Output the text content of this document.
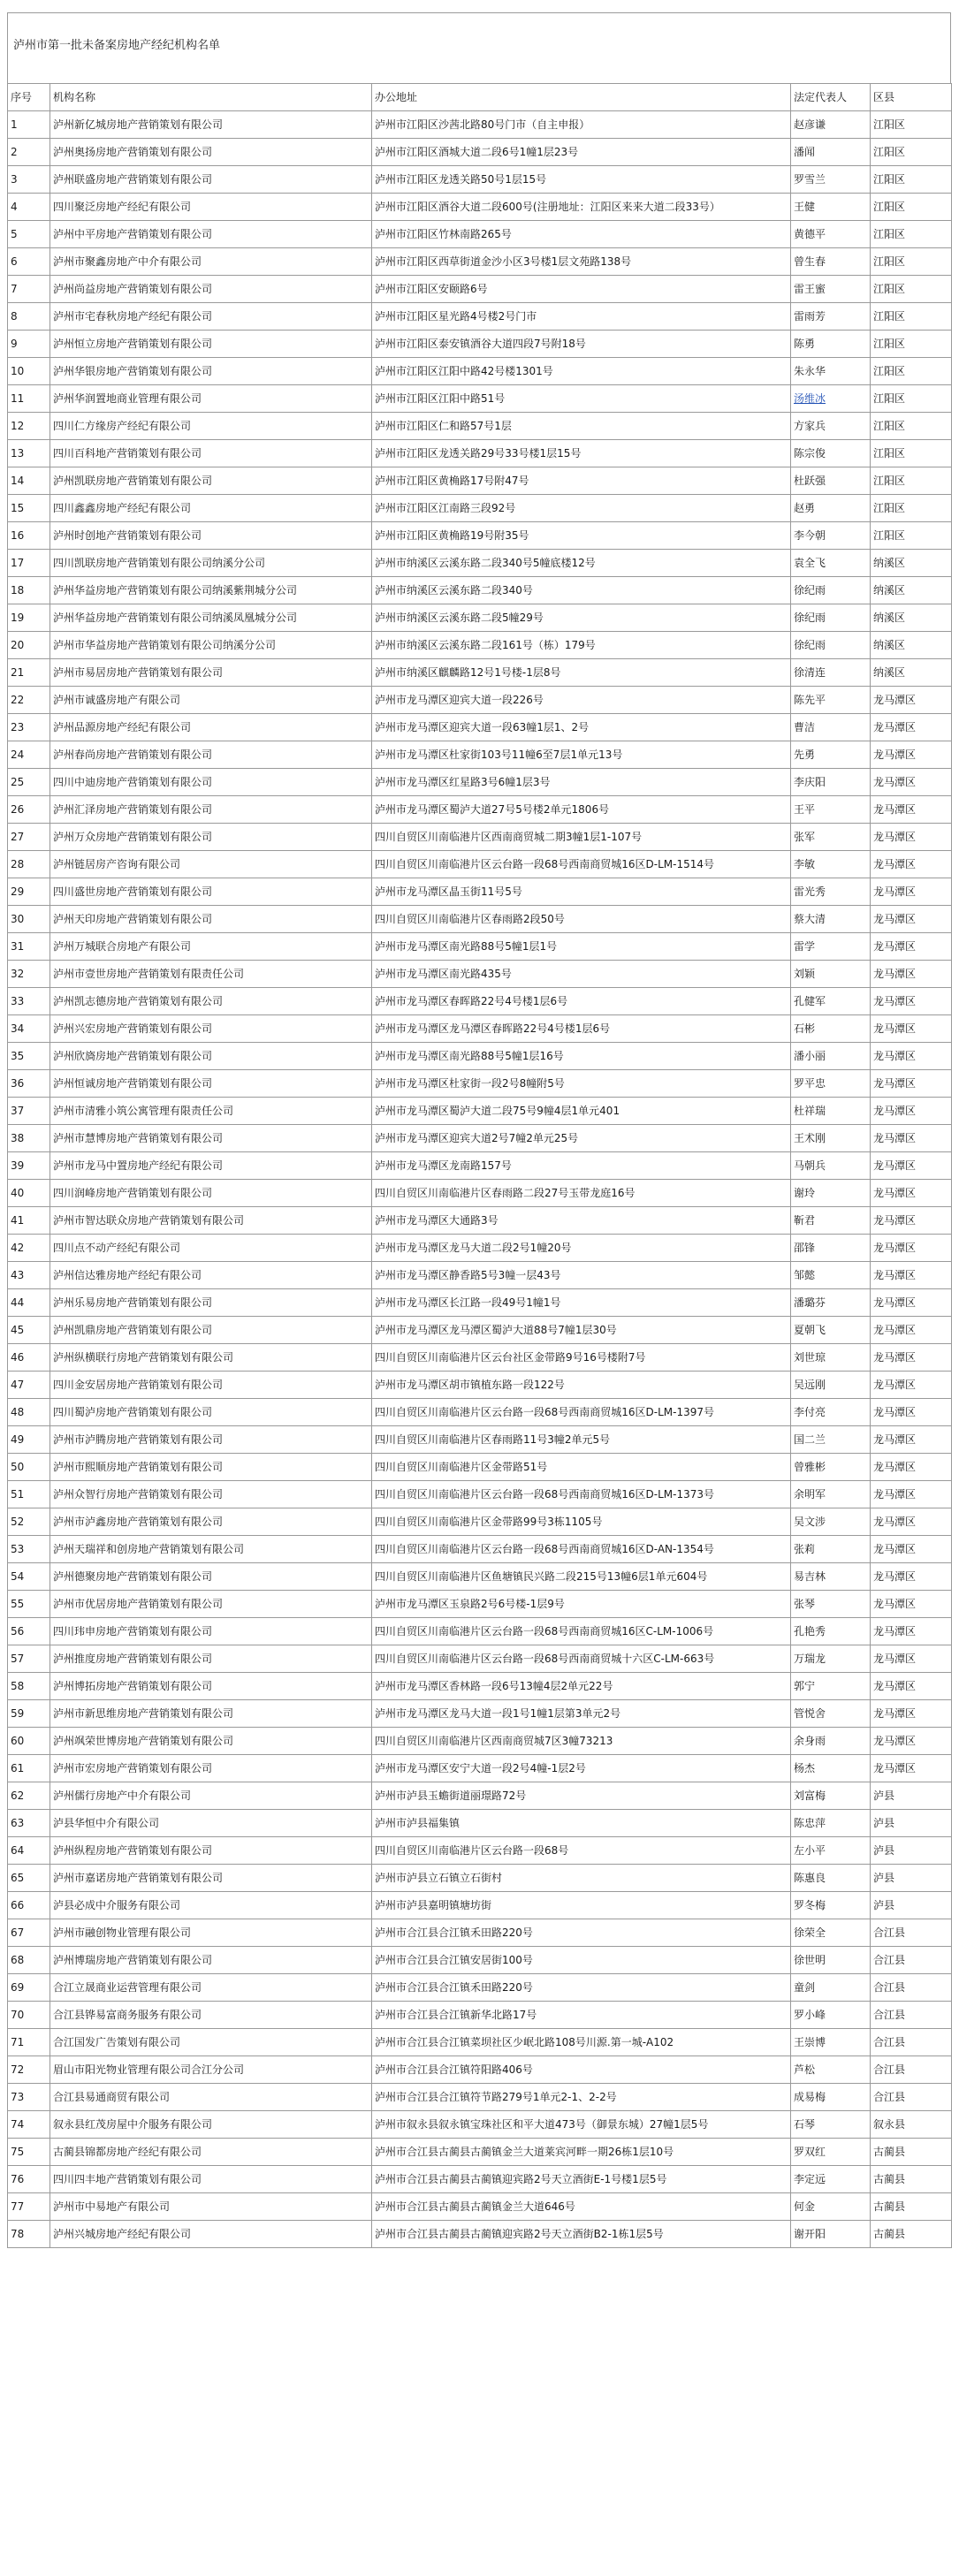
泸州市第一批未备案房地产经纪机构名单
序号	机构名称	办公地址	法定代表人	区县
1	泸州新亿城房地产营销策划有限公司	泸州市江阳区沙茜北路80号门市（自主申报）	赵彦谦	江阳区
2	泸州奥扬房地产营销策划有限公司	泸州市江阳区酒城大道二段6号1幢1层23号	潘闻	江阳区
3	泸州联盛房地产营销策划有限公司	泸州市江阳区龙透关路50号1层15号	罗雪兰	江阳区
4	四川聚泛房地产经纪有限公司	泸州市江阳区酒谷大道二段600号(注册地址：江阳区来来大道二段33号）	王健	江阳区
5	泸州中平房地产营销策划有限公司	泸州市江阳区竹林南路265号	黄德平	江阳区
6	泸州市聚鑫房地产中介有限公司	泸州市江阳区西草街道金沙小区3号楼1层文苑路138号	曾生春	江阳区
7	泸州尚益房地产营销策划有限公司	泸州市江阳区安颐路6号	雷王蜜	江阳区
8	泸州市宅春秋房地产经纪有限公司	泸州市江阳区星光路4号楼2号门市	雷雨芳	江阳区
9	泸州恒立房地产营销策划有限公司	泸州市江阳区泰安镇酒谷大道四段7号附18号	陈勇	江阳区
10	泸州华银房地产营销策划有限公司	泸州市江阳区江阳中路42号楼1301号	朱永华	江阳区
11	泸州华润置地商业管理有限公司	泸州市江阳区江阳中路51号	汤维冰	江阳区
12	四川仁方缘房产经纪有限公司	泸州市江阳区仁和路57号1层	方家兵	江阳区
13	四川百科地产营销策划有限公司	泸州市江阳区龙透关路29号33号楼1层15号	陈宗俊	江阳区
14	泸州凯联房地产营销策划有限公司	泸州市江阳区黄桷路17号附47号	杜跃强	江阳区
15	四川鑫鑫房地产经纪有限公司	泸州市江阳区江南路三段92号	赵勇	江阳区
16	泸州时创地产营销策划有限公司	泸州市江阳区黄桷路19号附35号	李今朝	江阳区
17	四川凯联房地产营销策划有限公司纳溪分公司	泸州市纳溪区云溪东路二段340号5幢底楼12号	袁全飞	纳溪区
18	泸州华益房地产营销策划有限公司纳溪紫荆城分公司	泸州市纳溪区云溪东路二段340号	徐纪雨	纳溪区
19	泸州华益房地产营销策划有限公司纳溪凤凰城分公司	泸州市纳溪区云溪东路二段5幢29号	徐纪雨	纳溪区
20	泸州市华益房地产营销策划有限公司纳溪分公司	泸州市纳溪区云溪东路二段161号（栋）179号	徐纪雨	纳溪区
21	泸州市易居房地产营销策划有限公司	泸州市纳溪区麒麟路12号1号楼-1层8号	徐清连	纳溪区
22	泸州市诚盛房地产有限公司	泸州市龙马潭区迎宾大道一段226号	陈先平	龙马潭区
23	泸州品源房地产经纪有限公司	泸州市龙马潭区迎宾大道一段63幢1层1、2号	曹洁	龙马潭区
24	泸州春尚房地产营销策划有限公司	泸州市龙马潭区杜家街103号11幢6至7层1单元13号	先勇	龙马潭区
25	四川中迪房地产营销策划有限公司	泸州市龙马潭区红星路3号6幢1层3号	李庆阳	龙马潭区
26	泸州汇泽房地产营销策划有限公司	泸州市龙马潭区蜀泸大道27号5号楼2单元1806号	王平	龙马潭区
27	泸州万众房地产营销策划有限公司	四川自贸区川南临港片区西南商贸城二期3幢1层1-107号	张军	龙马潭区
28	泸州链居房产咨询有限公司	四川自贸区川南临港片区云台路一段68号西南商贸城16区D-LM-1514号	李敏	龙马潭区
29	四川盛世房地产营销策划有限公司	泸州市龙马潭区晶玉街11号5号	雷光秀	龙马潭区
30	泸州天印房地产营销策划有限公司	四川自贸区川南临港片区春雨路2段50号	蔡大清	龙马潭区
31	泸州万城联合房地产有限公司	泸州市龙马潭区南光路88号5幢1层1号	雷学	龙马潭区
32	泸州市壹世房地产营销策划有限责任公司	泸州市龙马潭区南光路435号	刘颖	龙马潭区
33	泸州凯志德房地产营销策划有限公司	泸州市龙马潭区春晖路22号4号楼1层6号	孔健军	龙马潭区
34	泸州兴宏房地产营销策划有限公司	泸州市龙马潭区龙马潭区春晖路22号4号楼1层6号	石彬	龙马潭区
35	泸州欣旖房地产营销策划有限公司	泸州市龙马潭区南光路88号5幢1层16号	潘小丽	龙马潭区
36	泸州恒诚房地产营销策划有限公司	泸州市龙马潭区杜家街一段2号8幢附5号	罗平忠	龙马潭区
37	泸州市清雅小筑公寓管理有限责任公司	泸州市龙马潭区蜀泸大道二段75号9幢4层1单元401	杜祥瑞	龙马潭区
38	泸州市慧博房地产营销策划有限公司	泸州市龙马潭区迎宾大道2号7幢2单元25号	王术刚	龙马潭区
39	泸州市龙马中置房地产经纪有限公司	泸州市龙马潭区龙南路157号	马朝兵	龙马潭区
40	四川润峰房地产营销策划有限公司	四川自贸区川南临港片区春雨路二段27号玉带龙庭16号	谢玲	龙马潭区
41	泸州市智达联众房地产营销策划有限公司	泸州市龙马潭区大通路3号	靳君	龙马潭区
42	四川点不动产经纪有限公司	泸州市龙马潭区龙马大道二段2号1幢20号	邵锋	龙马潭区
43	泸州信达雅房地产经纪有限公司	泸州市龙马潭区静香路5号3幢一层43号	邹懿	龙马潭区
44	泸州乐易房地产营销策划有限公司	泸州市龙马潭区长江路一段49号1幢1号	潘璐芬	龙马潭区
45	泸州凯鼎房地产营销策划有限公司	泸州市龙马潭区龙马潭区蜀泸大道88号7幢1层30号	夏朝飞	龙马潭区
46	泸州纵横联行房地产营销策划有限公司	四川自贸区川南临港片区云台社区金带路9号16号楼附7号	刘世琼	龙马潭区
47	四川金安居房地产营销策划有限公司	泸州市龙马潭区胡市镇植东路一段122号	吴远刚	龙马潭区
48	四川蜀泸房地产营销策划有限公司	四川自贸区川南临港片区云台路一段68号西南商贸城16区D-LM-1397号	李付亮	龙马潭区
49	泸州市泸腾房地产营销策划有限公司	四川自贸区川南临港片区春雨路11号3幢2单元5号	国二兰	龙马潭区
50	泸州市熙顺房地产营销策划有限公司	四川自贸区川南临港片区金带路51号	曾雅彬	龙马潭区
51	泸州众智行房地产营销策划有限公司	四川自贸区川南临港片区云台路一段68号西南商贸城16区D-LM-1373号	余明军	龙马潭区
52	泸州市泸鑫房地产营销策划有限公司	四川自贸区川南临港片区金带路99号3栋1105号	吴文涉	龙马潭区
53	泸州天瑞祥和创房地产营销策划有限公司	四川自贸区川南临港片区云台路一段68号西南商贸城16区D-AN-1354号	张莉	龙马潭区
54	泸州德聚房地产营销策划有限公司	四川自贸区川南临港片区鱼塘镇民兴路二段215号13幢6层1单元604号	易吉林	龙马潭区
55	泸州市优居房地产营销策划有限公司	泸州市龙马潭区玉泉路2号6号楼-1层9号	张琴	龙马潭区
56	四川玮申房地产营销策划有限公司	四川自贸区川南临港片区云台路一段68号西南商贸城16区C-LM-1006号	孔艳秀	龙马潭区
57	泸州推度房地产营销策划有限公司	四川自贸区川南临港片区云台路一段68号西南商贸城十六区C-LM-663号	万瑞龙	龙马潭区
58	泸州博拓房地产营销策划有限公司	泸州市龙马潭区香林路一段6号13幢4层2单元22号	郭宁	龙马潭区
59	泸州市新思维房地产营销策划有限公司	泸州市龙马潭区龙马大道一段1号1幢1层第3单元2号	管悦舍	龙马潭区
60	泸州飒荣世博房地产营销策划有限公司	四川自贸区川南临港片区西南商贸城7区3幢73213	余身雨	龙马潭区
61	泸州市宏房地产营销策划有限公司	泸州市龙马潭区安宁大道一段2号4幢-1层2号	杨杰	龙马潭区
62	泸州儒行房地产中介有限公司	泸州市泸县玉蟾街道丽璟路72号	刘富梅	泸县
63	泸县华恒中介有限公司	泸州市泸县福集镇	陈忠萍	泸县
64	泸州纵程房地产营销策划有限公司	四川自贸区川南临港片区云台路一段68号	左小平	泸县
65	泸州市嘉诺房地产营销策划有限公司	泸州市泸县立石镇立石街村	陈惠良	泸县
66	泸县必成中介服务有限公司	泸州市泸县嘉明镇塘坊街	罗冬梅	泸县
67	泸州市融创物业管理有限公司	泸州市合江县合江镇禾田路220号	徐荣全	合江县
68	泸州博瑞房地产营销策划有限公司	泸州市合江县合江镇安居街100号	徐世明	合江县
69	合江立晟商业运营管理有限公司	泸州市合江县合江镇禾田路220号	童剑	合江县
70	合江县铧易富商务服务有限公司	泸州市合江县合江镇新华北路17号	罗小峰	合江县
71	合江国发广告策划有限公司	泸州市合江县合江镇菜坝社区少岷北路108号川源.第一城-A102	王崇博	合江县
72	眉山市阳光物业管理有限公司合江分公司	泸州市合江县合江镇符阳路406号	芦松	合江县
73	合江县易通商贸有限公司	泸州市合江县合江镇符节路279号1单元2-1、2-2号	成易梅	合江县
74	叙永县红茂房屋中介服务有限公司	泸州市叙永县叙永镇宝珠社区和平大道473号（御景东城）27幢1层5号	石琴	叙永县
75	古蔺县锦都房地产经纪有限公司	泸州市合江县古蔺县古蔺镇金兰大道莱宾河畔一期26栋1层10号	罗双红	古蔺县
76	四川四丰地产营销策划有限公司	泸州市合江县古蔺县古蔺镇迎宾路2号天立酒街E-1号楼1层5号	李定远	古蔺县
77	泸州市中易地产有限公司	泸州市合江县古蔺县古蔺镇金兰大道646号	何金	古蔺县
78	泸州兴城房地产经纪有限公司	泸州市合江县古蔺县古蔺镇迎宾路2号天立酒街B2-1栋1层5号	谢开阳	古蔺县
